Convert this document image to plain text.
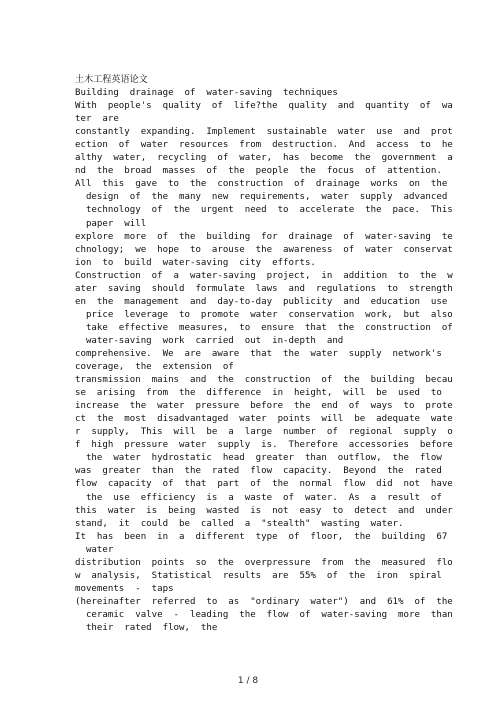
土木工程英语论文
Building  drainage  of  water-saving  techniques
With  people's  quality  of  life?the  quality  and  quantity  of  wa
ter  are
constantly  expanding.  Implement  sustainable  water  use  and  prot
ection  of  water  resources  from  destruction.  And  access  to  he
althy  water,  recycling  of  water,  has  become  the  government  a
nd  the  broad  masses  of  the  people  the  focus  of  attention.
All  this  gave  to  the  construction  of  drainage  works  on  the
design  of  the  many  new  requirements,  water  supply  advanced
technology  of  the  urgent  need  to  accelerate  the  pace.  This
paper  will
explore  more  of  the  building  for  drainage  of  water-saving  te
chnology;  we  hope  to  arouse  the  awareness  of  water  conservat
ion  to  build  water-saving  city  efforts.
Construction  of  a  water-saving  project,  in  addition  to  the  w
ater  saving  should  formulate  laws  and  regulations  to  strength
en  the  management  and  day-to-day  publicity  and  education  use
price  leverage  to  promote  water  conservation  work,  but  also
take  effective  measures,  to  ensure  that  the  construction  of
water-saving  work  carried  out  in-depth  and
comprehensive.  We  are  aware  that  the  water  supply  network's
coverage,  the  extension  of
transmission  mains  and  the  construction  of  the  building  becau
se  arising  from  the  difference  in  height,  will  be  used  to
increase  the  water  pressure  before  the  end  of  ways  to  prote
ct  the  most  disadvantaged  water  points  will  be  adequate  wate
r  supply,  This  will  be  a  large  number  of  regional  supply  o
f  high  pressure  water  supply  is.  Therefore  accessories  before
the  water  hydrostatic  head  greater  than  outflow,  the  flow
was  greater  than  the  rated  flow  capacity.  Beyond  the  rated
flow  capacity  of  that  part  of  the  normal  flow  did  not  have
the  use  efficiency  is  a  waste  of  water.  As  a  result  of
this  water  is  being  wasted  is  not  easy  to  detect  and  under
stand,  it  could  be  called  a  "stealth"  wasting  water.
It  has  been  in  a  different  type  of  floor,  the  building  67
water
distribution  points  so  the  overpressure  from  the  measured  flo
w  analysis,  Statistical  results  are  55%  of  the  iron  spiral
movements  -  taps
(hereinafter  referred  to  as  "ordinary  water")  and  61%  of  the
ceramic  valve  -  leading  the  flow  of  water-saving  more  than
their  rated  flow,  the
1 / 8
